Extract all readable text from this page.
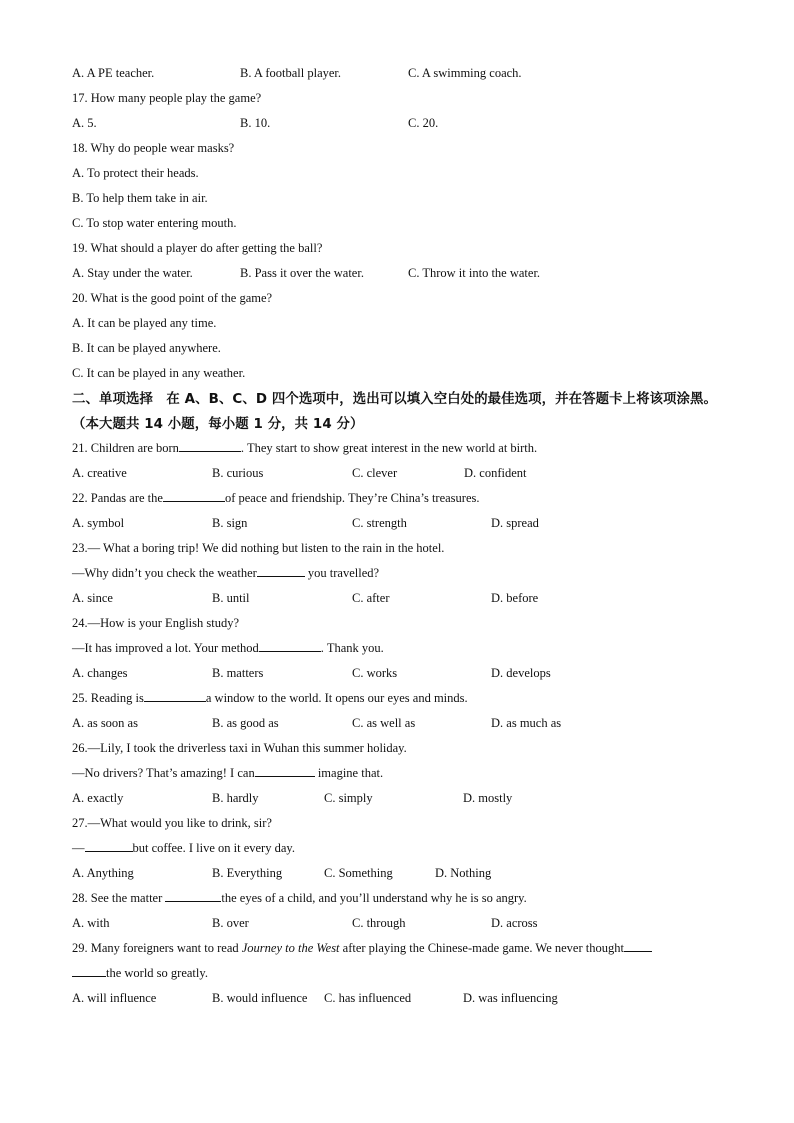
A. A PE teacher.	B. A football player.	C. A swimming coach.
17. How many people play the game?
A. 5.	B. 10.	C. 20.
18. Why do people wear masks?
A. To protect their heads.
B. To help them take in air.
C. To stop water entering mouth.
19. What should a player do after getting the ball?
A. Stay under the water.	B. Pass it over the water.	C. Throw it into the water.
20. What is the good point of the game?
A. It can be played any time.
B. It can be played anywhere.
C. It can be played in any weather.
二、单项选择　在 A、B、C、D 四个选项中，选出可以填入空白处的最佳选项，并在答题卡上将该项涂黑。（本大题共 14 小题，每小题 1 分，共 14 分）
21. Children are born	. They start to show great interest in the new world at birth.
A. creative	B. curious	C. clever	D. confident
22. Pandas are the	of peace and friendship. They’re China’s treasures.
A. symbol	B. sign	C. strength	D. spread
23.— What a boring trip! We did nothing but listen to the rain in the hotel.
—Why didn’t you check the weather	you travelled?
A. since	B. until	C. after	D. before
24.—How is your English study?
—It has improved a lot. Your method	. Thank you.
A. changes	B. matters	C. works	D. develops
25. Reading is	a window to the world. It opens our eyes and minds.
A. as soon as	B. as good as	C. as well as	D. as much as
26.—Lily, I took the driverless taxi in Wuhan this summer holiday.
—No drivers? That’s amazing! I can	imagine that.
A. exactly	B. hardly	C. simply	D. mostly
27.—What would you like to drink, sir?
—	but coffee. I live on it every day.
A. Anything	B. Everything	C. Something	D. Nothing
28. See the matter	the eyes of a child, and you’ll understand why he is so angry.
A. with	B. over	C. through	D. across
29. Many foreigners want to read Journey to the West after playing the Chinese-made game. We never thought
the world so greatly.
A. will influence	B. would influence C. has influenced	D. was influencing
